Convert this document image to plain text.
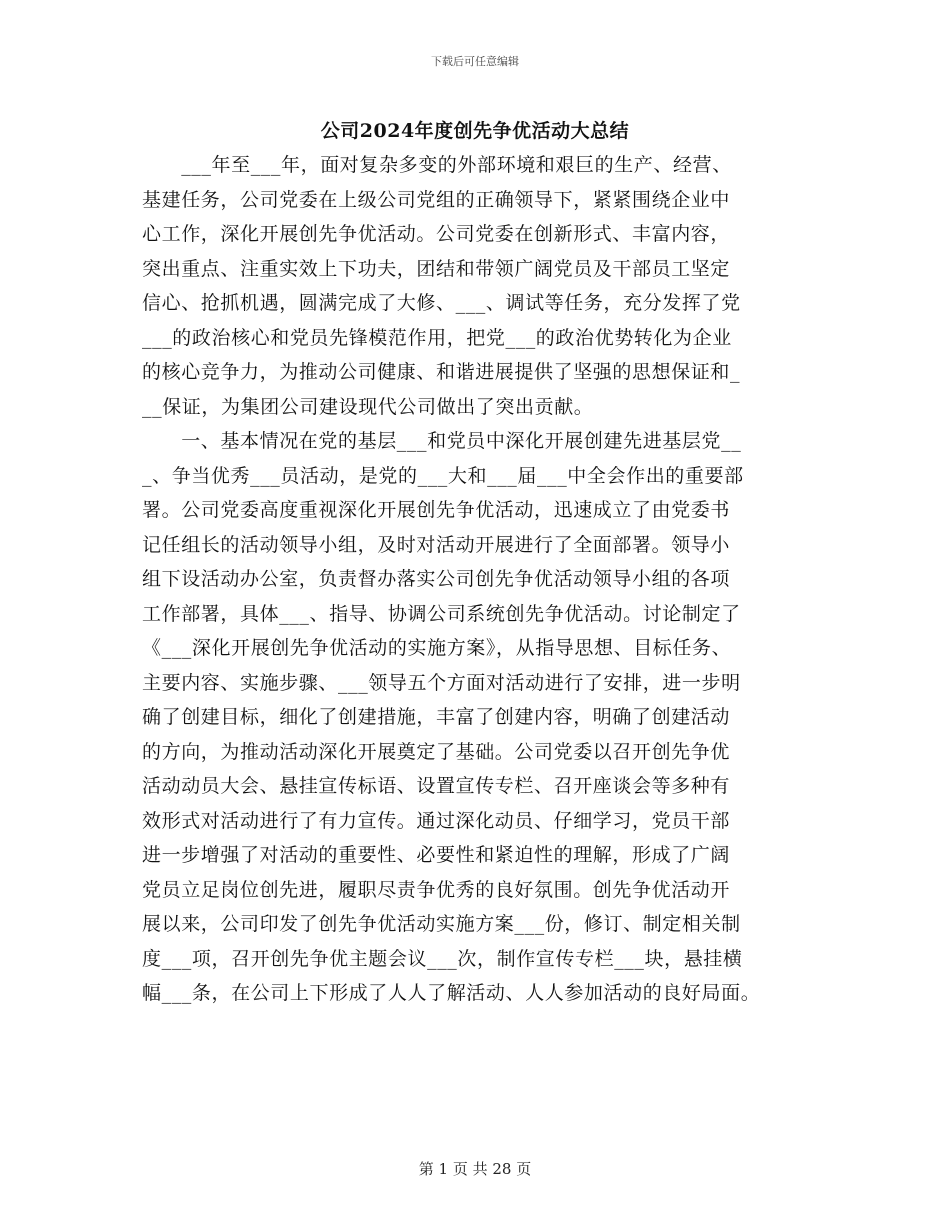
下载后可任意编辑
公司2024年度创先争优活动大总结
　　___年至___年，面对复杂多变的外部环境和艰巨的生产、经营、
基建任务，公司党委在上级公司党组的正确领导下，紧紧围绕企业中
心工作，深化开展创先争优活动。公司党委在创新形式、丰富内容，
突出重点、注重实效上下功夫，团结和带领广阔党员及干部员工坚定
信心、抢抓机遇，圆满完成了大修、___、调试等任务，充分发挥了党
___的政治核心和党员先锋模范作用，把党___的政治优势转化为企业
的核心竞争力，为推动公司健康、和谐进展提供了坚强的思想保证和_
__保证，为集团公司建设现代公司做出了突出贡献。
　　一、基本情况在党的基层___和党员中深化开展创建先进基层党__
_、争当优秀___员活动，是党的___大和___届___中全会作出的重要部
署。公司党委高度重视深化开展创先争优活动，迅速成立了由党委书
记任组长的活动领导小组，及时对活动开展进行了全面部署。领导小
组下设活动办公室，负责督办落实公司创先争优活动领导小组的各项
工作部署，具体___、指导、协调公司系统创先争优活动。讨论制定了
《___深化开展创先争优活动的实施方案》，从指导思想、目标任务、
主要内容、实施步骤、___领导五个方面对活动进行了安排，进一步明
确了创建目标，细化了创建措施，丰富了创建内容，明确了创建活动
的方向，为推动活动深化开展奠定了基础。公司党委以召开创先争优
活动动员大会、悬挂宣传标语、设置宣传专栏、召开座谈会等多种有
效形式对活动进行了有力宣传。通过深化动员、仔细学习，党员干部
进一步增强了对活动的重要性、必要性和紧迫性的理解，形成了广阔
党员立足岗位创先进，履职尽责争优秀的良好氛围。创先争优活动开
展以来，公司印发了创先争优活动实施方案___份，修订、制定相关制
度___项，召开创先争优主题会议___次，制作宣传专栏___块，悬挂横
幅___条，在公司上下形成了人人了解活动、人人参加活动的良好局面。
第 1 页 共 28 页
